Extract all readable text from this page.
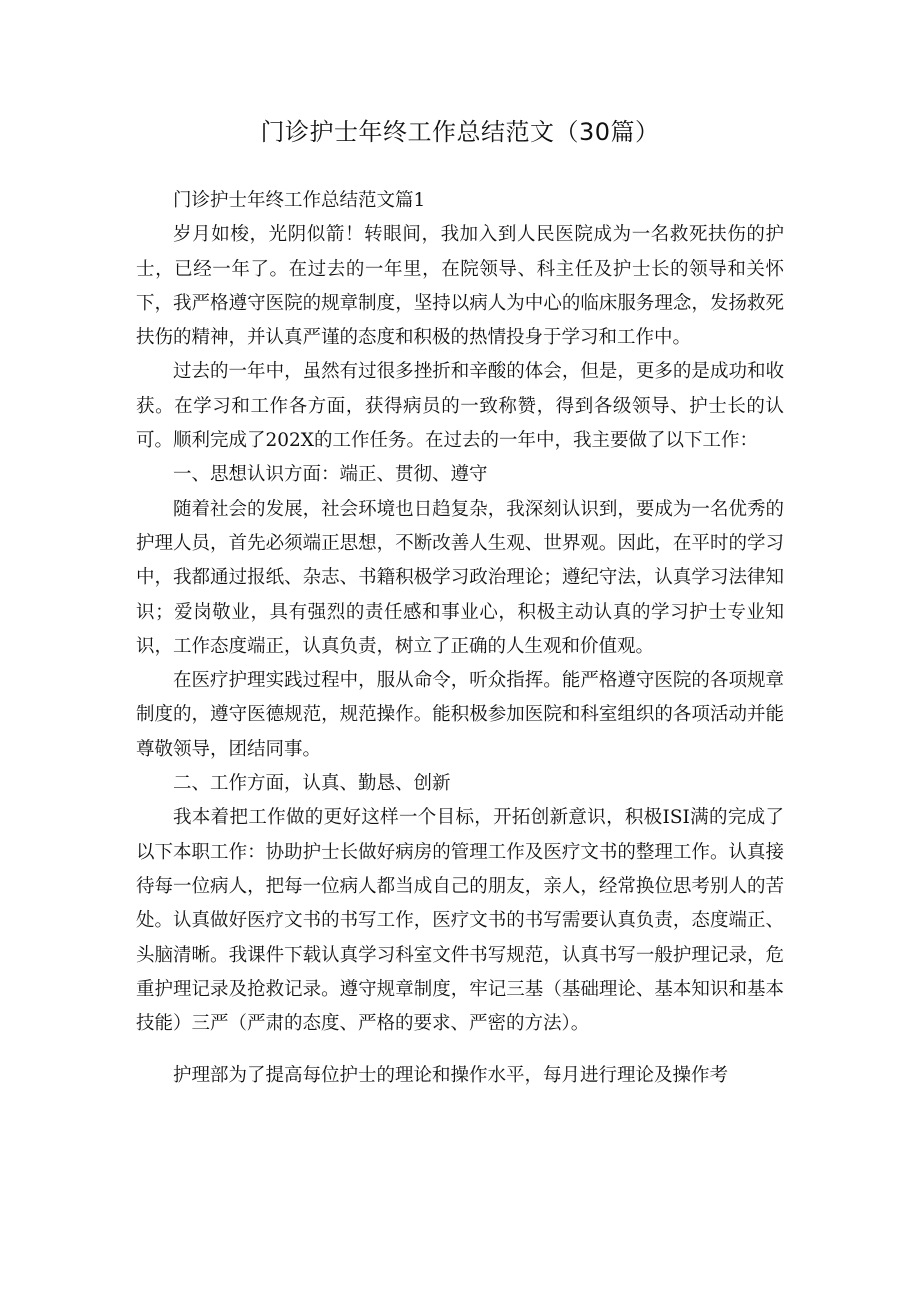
门诊护士年终工作总结范文（30篇）

门诊护士年终工作总结范文篇1

岁月如梭，光阴似箭！转眼间，我加入到人民医院成为一名救死扶伤的护士，已经一年了。在过去的一年里，在院领导、科主任及护士长的领导和关怀下，我严格遵守医院的规章制度，坚持以病人为中心的临床服务理念，发扬救死扶伤的精神，并认真严谨的态度和积极的热情投身于学习和工作中。

过去的一年中，虽然有过很多挫折和辛酸的体会，但是，更多的是成功和收获。在学习和工作各方面，获得病员的一致称赞，得到各级领导、护士长的认可。顺利完成了202X的工作任务。在过去的一年中，我主要做了以下工作：

一、思想认识方面：端正、贯彻、遵守

随着社会的发展，社会环境也日趋复杂，我深刻认识到，要成为一名优秀的护理人员，首先必须端正思想，不断改善人生观、世界观。因此，在平时的学习中，我都通过报纸、杂志、书籍积极学习政治理论；遵纪守法，认真学习法律知识；爱岗敬业，具有强烈的责任感和事业心，积极主动认真的学习护士专业知识，工作态度端正，认真负责，树立了正确的人生观和价值观。

在医疗护理实践过程中，服从命令，听众指挥。能严格遵守医院的各项规章制度的，遵守医德规范，规范操作。能积极参加医院和科室组织的各项活动并能尊敬领导，团结同事。

二、工作方面，认真、勤恳、创新

我本着把工作做的更好这样一个目标，开拓创新意识，积极ISI满的完成了以下本职工作：协助护士长做好病房的管理工作及医疗文书的整理工作。认真接待每一位病人，把每一位病人都当成自己的朋友，亲人，经常换位思考别人的苦处。认真做好医疗文书的书写工作，医疗文书的书写需要认真负责，态度端正、头脑清晰。我课件下载认真学习科室文件书写规范，认真书写一般护理记录，危重护理记录及抢救记录。遵守规章制度，牢记三基（基础理论、基本知识和基本技能）三严（严肃的态度、严格的要求、严密的方法）。

护理部为了提高每位护士的理论和操作水平，每月进行理论及操作考
